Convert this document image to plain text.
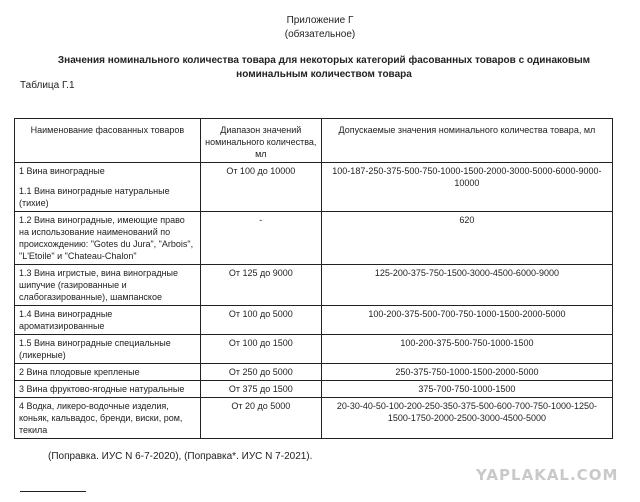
Приложение Г
(обязательное)
Значения номинального количества товара для некоторых категорий фасованных товаров с одинаковым номинальным количеством товара
Таблица Г.1
Наименование фасованных товаров	Диапазон значений номинального количества, мл	Допускаемые значения номинального количества товара, мл

1 Вина виноградные
1.1 Вина виноградные натуральные (тихие)	От 100 до 10000	100-187-250-375-500-750-1000-1500-2000-3000-5000-6000-9000-10000
1.2 Вина виноградные, имеющие право на использование наименований по происхождению: "Gotes du Jura", "Arbois", "L'Etoile" и "Chateau-Chalon"	-	620
1.3 Вина игристые, вина виноградные шипучие (газированные и слабогазированные), шампанское	От 125 до 9000	125-200-375-750-1500-3000-4500-6000-9000
1.4 Вина виноградные ароматизированные	От 100 до 5000	100-200-375-500-700-750-1000-1500-2000-5000
1.5 Вина виноградные специальные (ликерные)	От 100 до 1500	100-200-375-500-750-1000-1500
2 Вина плодовые крепленые	От 250 до 5000	250-375-750-1000-1500-2000-5000
3 Вина фруктово-ягодные натуральные	От 375 до 1500	375-700-750-1000-1500
4 Водка, ликеро-водочные изделия, коньяк, кальвадос, бренди, виски, ром, текила	От 20 до 5000	20-30-40-50-100-200-250-350-375-500-600-700-750-1000-1250-1500-1750-2000-2500-3000-4500-5000
(Поправка. ИУС N 6-7-2020), (Поправка*. ИУС N 7-2021).
YAPLAKAL.COM
